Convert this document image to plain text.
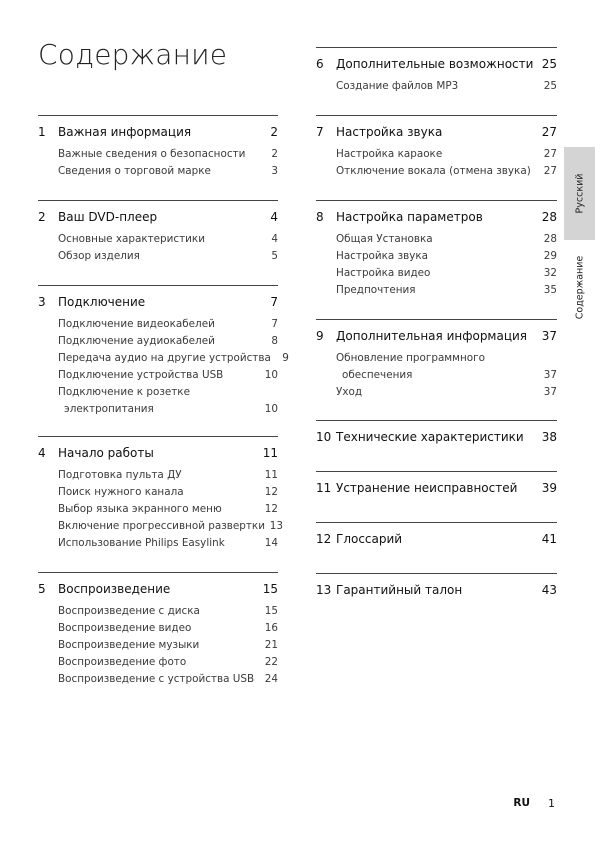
Содержание
1	Важная информация	2
Важные сведения о безопасности	2
Сведения о торговой марке	3
2	Ваш DVD-плеер	4
Основные характеристики	4
Обзор изделия	5
3	Подключение	7
Подключение видеокабелей	7
Подключение аудиокабелей	8
Передача аудио на другие устройства	9
Подключение устройства USB	10
Подключение к розетке
электропитания	10
4	Начало работы	11
Подготовка пульта ДУ	11
Поиск нужного канала	12
Выбор языка экранного меню	12
Включение прогрессивной развертки 13
Использование Philips Easylink	14
5	Воспроизведение	15
Воспроизведение с диска	15
Воспроизведение видео	16
Воспроизведение музыки	21
Воспроизведение фото	22
Воспроизведение с устройства USB	24
6	Дополнительные возможности 25
Создание файлов MP3	25
7	Настройка звука	27
Настройка караоке	27
Отключение вокала (отмена звука)	27
8	Настройка параметров	28
Общая Установка	28
Настройка звука	29
Настройка видео	32
Предпочтения	35
9	Дополнительная информация	37
Обновление программного
обеспечения	37
Уход	37
10 Технические характеристики	38
11 Устранение неисправностей	39
12 Глоссарий	41
13 Гарантийный талон	43
Русский
Содержание
RU 1
